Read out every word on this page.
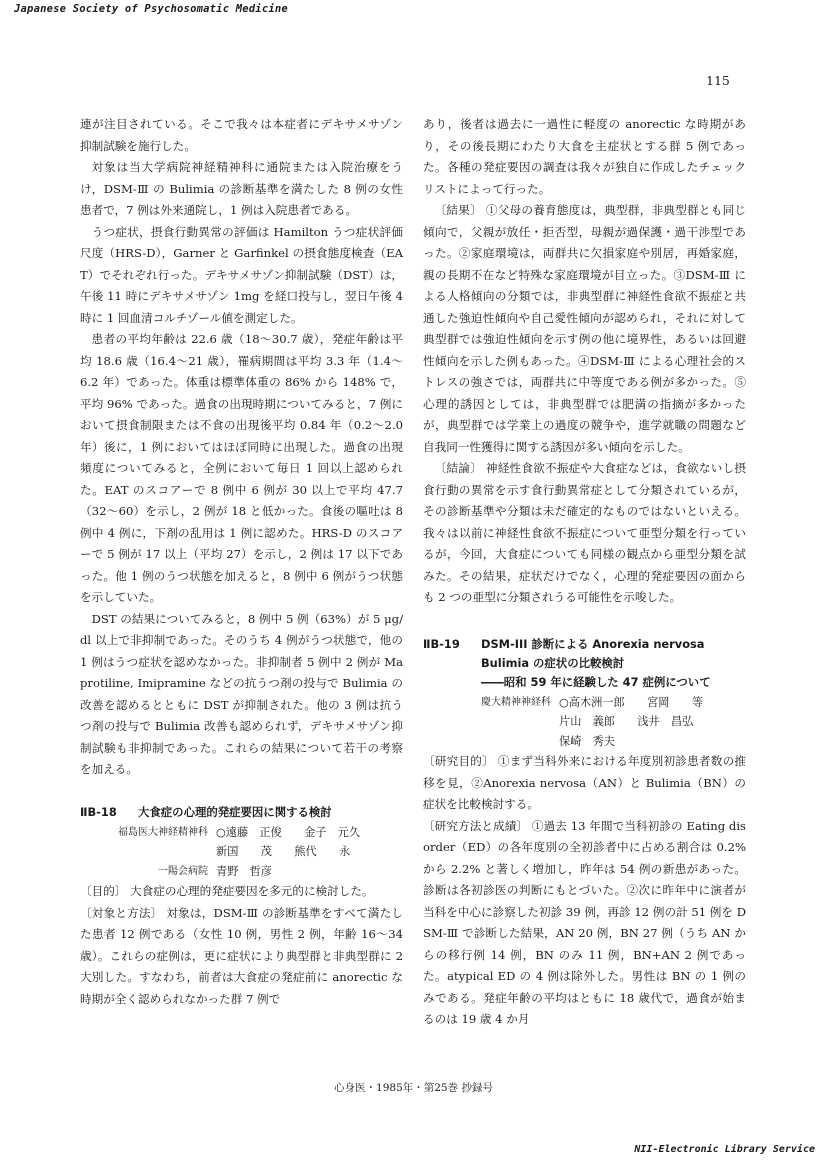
Japanese Society of Psychosomatic Medicine
115

連が注目されている。そこで我々は本症者にデキサメサゾン抑制試験を施行した。

対象は当大学病院神経精神科に通院または入院治療をうけ，DSM-Ⅲ の Bulimia の診断基準を満たした 8 例の女性患者で，7 例は外来通院し，1 例は入院患者である。

うつ症状，摂食行動異常の評価は Hamilton うつ症状評価尺度（HRS-D），Garner と Garfinkel の摂食態度検査（EAT）でそれぞれ行った。デキサメサゾン抑制試験（DST）は，午後 11 時にデキサメサゾン 1mg を経口投与し，翌日午後 4 時に 1 回血清コルチゾール値を測定した。

患者の平均年齢は 22.6 歳（18～30.7 歳），発症年齢は平均 18.6 歳（16.4～21 歳），罹病期間は平均 3.3 年（1.4～6.2 年）であった。体重は標準体重の 86% から 148% で，平均 96% であった。過食の出現時期についてみると，7 例において摂食制限または不食の出現後平均 0.84 年（0.2～2.0 年）後に，1 例においてはほぼ同時に出現した。過食の出現頻度についてみると，全例において毎日 1 回以上認められた。EAT のスコアーで 8 例中 6 例が 30 以上で平均 47.7（32～60）を示し，2 例が 18 と低かった。食後の嘔吐は 8 例中 4 例に，下剤の乱用は 1 例に認めた。HRS-D のスコアーで 5 例が 17 以上（平均 27）を示し，2 例は 17 以下であった。他 1 例のうつ状態を加えると，8 例中 6 例がうつ状態を示していた。

DST の結果についてみると，8 例中 5 例（63%）が 5 μg/dl 以上で非抑制であった。そのうち 4 例がうつ状態で，他の 1 例はうつ症状を認めなかった。非抑制者 5 例中 2 例が Maprotiline, Imipramine などの抗うつ剤の投与で Bulimia の改善を認めるとともに DST が抑制された。他の 3 例は抗うつ剤の投与で Bulimia 改善も認められず，デキサメサゾン抑制試験も非抑制であった。これらの結果について若干の考察を加える。

ⅡB-18 大食症の心理的発症要因に関する検討
福島医大神経精神科 ○遠藤　正俊　　金子　元久
新国　　茂　　熊代　　永
一陽会病院 青野　哲彦

〔目的〕 大食症の心理的発症要因を多元的に検討した。

〔対象と方法〕 対象は，DSM-Ⅲ の診断基準をすべて満たした患者 12 例である（女性 10 例，男性 2 例，年齢 16～34 歳）。これらの症例は，更に症状により典型群と非典型群に 2 大別した。すなわち，前者は大食症の発症前に anorectic な時期が全く認められなかった群 7 例で

あり，後者は過去に一過性に軽度の anorectic な時期があり，その後長期にわたり大食を主症状とする群 5 例であった。各種の発症要因の調査は我々が独自に作成したチェックリストによって行った。

〔結果〕 ①父母の養育態度は，典型群，非典型群とも同じ傾向で，父親が放任・拒否型，母親が過保護・過干渉型であった。②家庭環境は，両群共に欠損家庭や別居，再婚家庭，親の長期不在など特殊な家庭環境が目立った。③DSM-Ⅲ による人格傾向の分類では，非典型群に神経性食欲不振症と共通した強迫性傾向や自己愛性傾向が認められ，それに対して典型群では強迫性傾向を示す例の他に境界性，あるいは回避性傾向を示した例もあった。④DSM-Ⅲ による心理社会的ストレスの強さでは，両群共に中等度である例が多かった。⑤心理的誘因としては，非典型群では肥満の指摘が多かったが，典型群では学業上の過度の競争や，進学就職の問題など自我同一性獲得に関する誘因が多い傾向を示した。

〔結論〕 神経性食欲不振症や大食症などは，食欲ないし摂食行動の異常を示す食行動異常症として分類されているが，その診断基準や分類は未だ確定的なものではないといえる。我々は以前に神経性食欲不振症について亜型分類を行っているが，今回，大食症についても同様の観点から亜型分類を試みた。その結果，症状だけでなく，心理的発症要因の面からも 2 つの亜型に分類されうる可能性を示唆した。

ⅡB-19 DSM-III 診断による Anorexia nervosa
Bulimia の症状の比較検討
――昭和 59 年に経験した 47 症例について
慶大精神神経科 ○高木洲一郎　　宮岡　　等
片山　義郎　　浅井　昌弘
保崎　秀夫

〔研究目的〕 ①まず当科外来における年度別初診患者数の推移を見，②Anorexia nervosa（AN）と Bulimia（BN）の症状を比較検討する。

〔研究方法と成績〕 ①過去 13 年間で当科初診の Eating disorder（ED）の各年度別の全初診者中に占める割合は 0.2% から 2.2% と著しく増加し，昨年は 54 例の新患があった。診断は各初診医の判断にもとづいた。②次に昨年中に演者が当科を中心に診察した初診 39 例，再診 12 例の計 51 例を DSM-Ⅲ で診断した結果，AN 20 例，BN 27 例（うち AN からの移行例 14 例，BN のみ 11 例，BN+AN 2 例であった。atypical ED の 4 例は除外した。男性は BN の 1 例のみである。発症年齢の平均はともに 18 歳代で，過食が始まるのは 19 歳 4 か月

心身医・1985年・第25巻 抄録号
NII-Electronic Library Service
